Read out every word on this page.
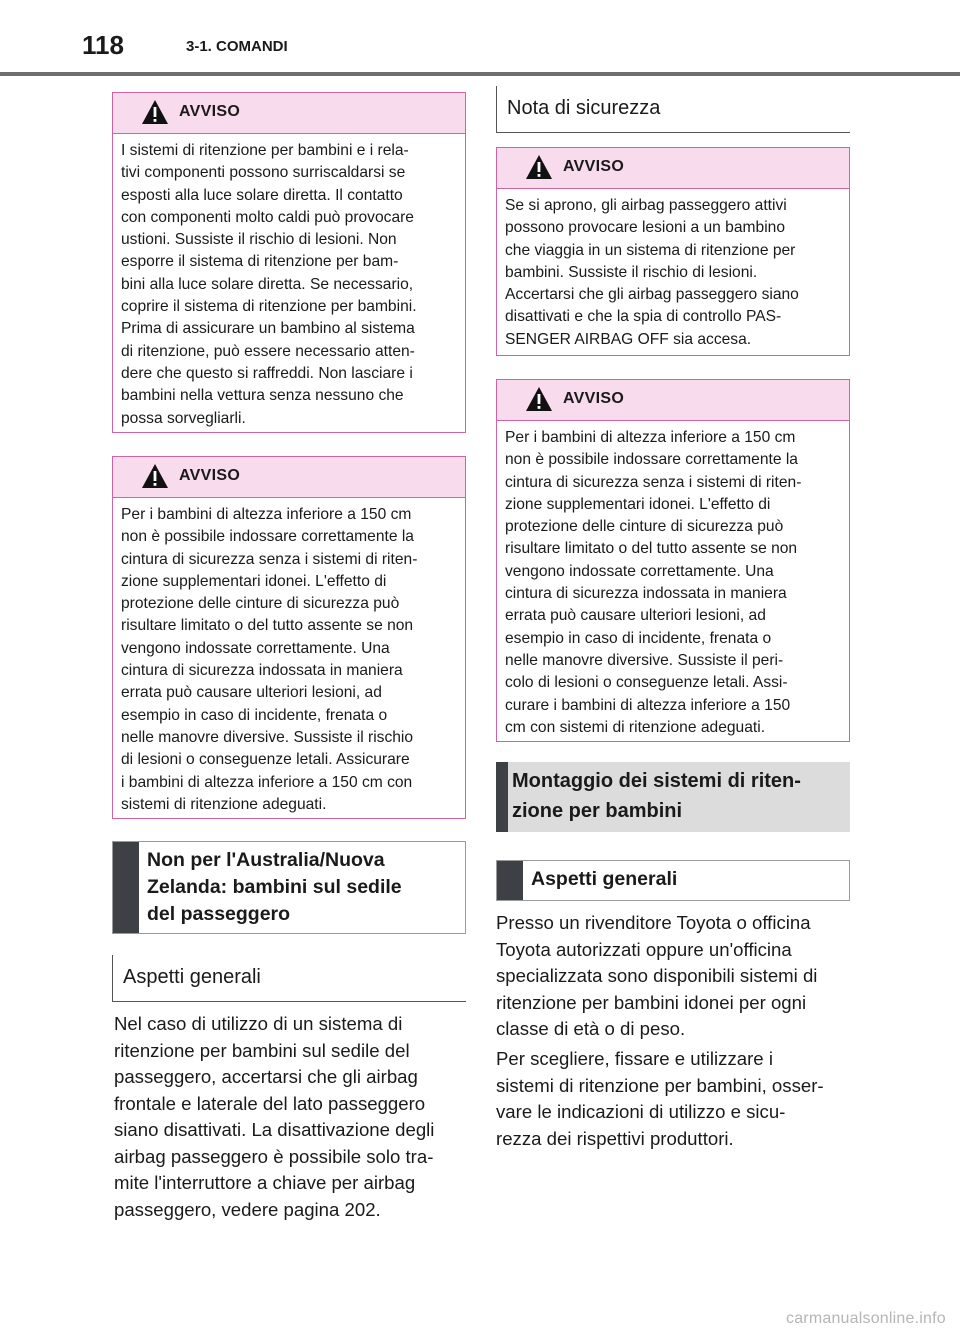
118	3-1. COMANDI
AVVISO
I sistemi di ritenzione per bambini e i rela-
tivi componenti possono surriscaldarsi se
esposti alla luce solare diretta. Il contatto
con componenti molto caldi può provocare
ustioni. Sussiste il rischio di lesioni. Non
esporre il sistema di ritenzione per bam-
bini alla luce solare diretta. Se necessario,
coprire il sistema di ritenzione per bambini.
Prima di assicurare un bambino al sistema
di ritenzione, può essere necessario atten-
dere che questo si raffreddi. Non lasciare i
bambini nella vettura senza nessuno che
possa sorvegliarli.
AVVISO
Per i bambini di altezza inferiore a 150 cm
non è possibile indossare correttamente la
cintura di sicurezza senza i sistemi di riten-
zione supplementari idonei. L'effetto di
protezione delle cinture di sicurezza può
risultare limitato o del tutto assente se non
vengono indossate correttamente. Una
cintura di sicurezza indossata in maniera
errata può causare ulteriori lesioni, ad
esempio in caso di incidente, frenata o
nelle manovre diversive. Sussiste il rischio
di lesioni o conseguenze letali. Assicurare
i bambini di altezza inferiore a 150 cm con
sistemi di ritenzione adeguati.
Non per l'Australia/Nuova
Zelanda: bambini sul sedile
del passeggero
Aspetti generali

Nel caso di utilizzo di un sistema di
ritenzione per bambini sul sedile del
passeggero, accertarsi che gli airbag
frontale e laterale del lato passeggero
siano disattivati. La disattivazione degli
airbag passeggero è possibile solo tra-
mite l'interruttore a chiave per airbag
passeggero, vedere pagina 202.

Nota di sicurezza
AVVISO
Se si aprono, gli airbag passeggero attivi
possono provocare lesioni a un bambino
che viaggia in un sistema di ritenzione per
bambini. Sussiste il rischio di lesioni.
Accertarsi che gli airbag passeggero siano
disattivati e che la spia di controllo PAS-
SENGER AIRBAG OFF sia accesa.
AVVISO
Per i bambini di altezza inferiore a 150 cm
non è possibile indossare correttamente la
cintura di sicurezza senza i sistemi di riten-
zione supplementari idonei. L'effetto di
protezione delle cinture di sicurezza può
risultare limitato o del tutto assente se non
vengono indossate correttamente. Una
cintura di sicurezza indossata in maniera
errata può causare ulteriori lesioni, ad
esempio in caso di incidente, frenata o
nelle manovre diversive. Sussiste il peri-
colo di lesioni o conseguenze letali. Assi-
curare i bambini di altezza inferiore a 150
cm con sistemi di ritenzione adeguati.
Montaggio dei sistemi di riten-
zione per bambini
Aspetti generali

Presso un rivenditore Toyota o officina
Toyota autorizzati oppure un'officina
specializzata sono disponibili sistemi di
ritenzione per bambini idonei per ogni
classe di età o di peso.

Per scegliere, fissare e utilizzare i
sistemi di ritenzione per bambini, osser-
vare le indicazioni di utilizzo e sicu-
rezza dei rispettivi produttori.

carmanualsonline.info
